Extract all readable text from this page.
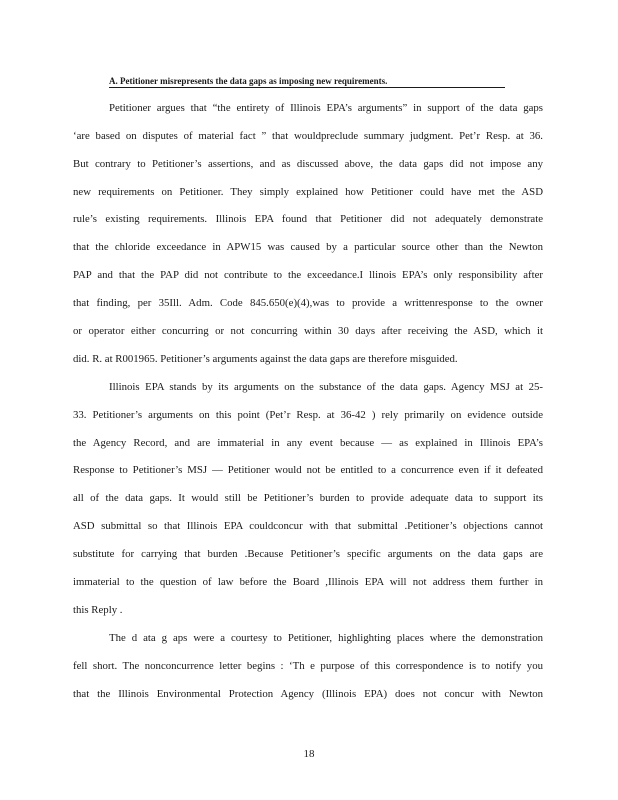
A. Petitioner misrepresents the data gaps as imposing new requirements.
Petitioner argues that “the entirety of Illinois EPA’s arguments” in support of the data gaps
‘are based on disputes of material fact ” that wouldpreclude summary judgment. Pet’r Resp. at 36.
But contrary to Petitioner’s assertions, and as discussed above, the data gaps did not impose any
new requirements on Petitioner. They simply explained how Petitioner could have met the ASD
rule’s existing requirements. Illinois EPA found that Petitioner did not adequately demonstrate
that the chloride exceedance in APW15 was caused by a particular source other than the Newton
PAP and that the PAP did not contribute to the exceedance.I llinois EPA’s only responsibility after
that finding, per 35Ill. Adm. Code 845.650(e)(4),was to provide a writtenresponse to the owner
or operator either concurring or not concurring within 30 days after receiving the ASD, which it
did. R. at R001965. Petitioner’s arguments against the data gaps are therefore misguided.
Illinois EPA stands by its arguments on the substance of the data gaps. Agency MSJ at 25-
33. Petitioner’s arguments on this point (Pet’r Resp. at 36-42 ) rely primarily on evidence outside
the Agency Record, and are immaterial in any event because — as explained in Illinois EPA’s
Response to Petitioner’s MSJ — Petitioner would not be entitled to a concurrence even if it defeated
all of the data gaps. It would still be Petitioner’s burden to provide adequate data to support its
ASD submittal so that Illinois EPA couldconcur with that submittal .Petitioner’s objections cannot
substitute for carrying that burden .Because Petitioner’s specific arguments on the data gaps are
immaterial to the question of law before the Board ,Illinois EPA will not address them further in
this Reply .
The d ata g aps were a courtesy to Petitioner, highlighting places where the demonstration
fell short. The nonconcurrence letter begins : ‘Th e purpose of this correspondence is to notify you
that the Illinois Environmental Protection Agency (Illinois EPA) does not concur with Newton
18
